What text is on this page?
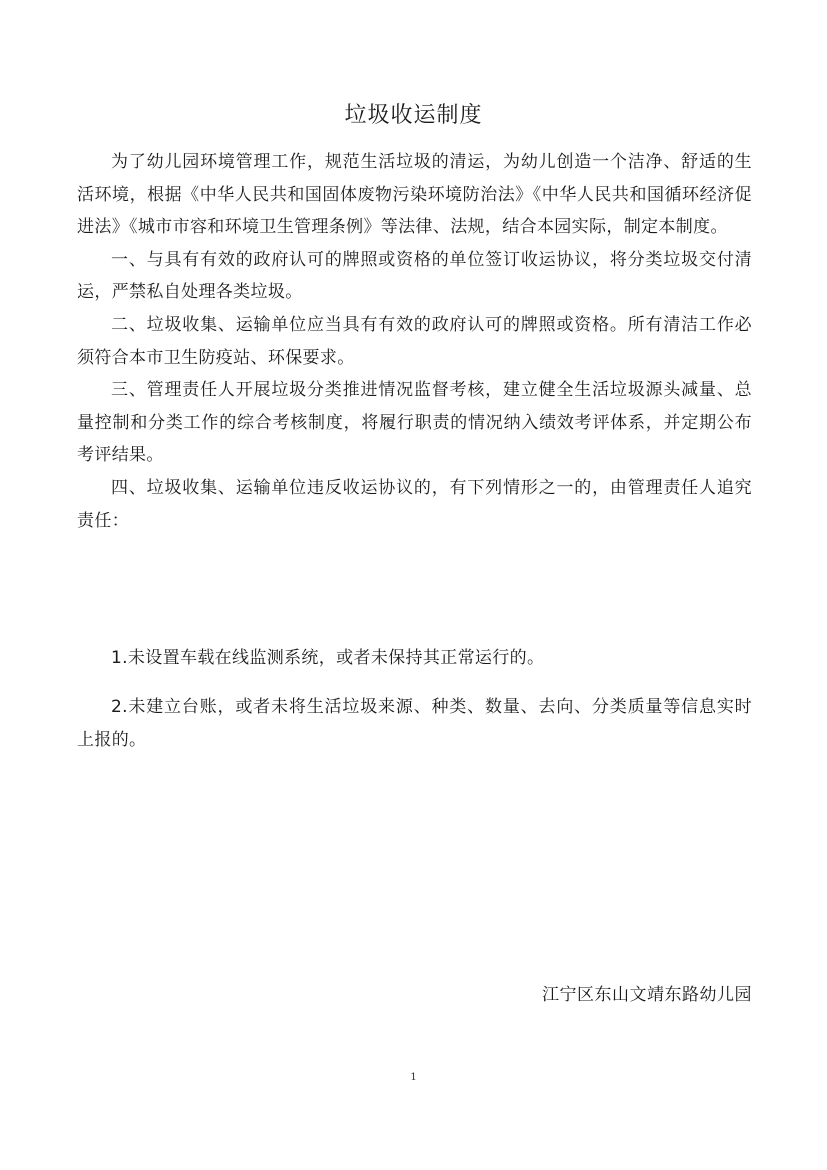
垃圾收运制度

为了幼儿园环境管理工作，规范生活垃圾的清运，为幼儿创造一个洁净、舒适的生活环境，根据《中华人民共和国固体废物污染环境防治法》《中华人民共和国循环经济促进法》《城市市容和环境卫生管理条例》等法律、法规，结合本园实际，制定本制度。

一、与具有有效的政府认可的牌照或资格的单位签订收运协议，将分类垃圾交付清运，严禁私自处理各类垃圾。

二、垃圾收集、运输单位应当具有有效的政府认可的牌照或资格。所有清洁工作必须符合本市卫生防疫站、环保要求。

三、管理责任人开展垃圾分类推进情况监督考核，建立健全生活垃圾源头减量、总量控制和分类工作的综合考核制度，将履行职责的情况纳入绩效考评体系，并定期公布考评结果。

四、垃圾收集、运输单位违反收运协议的，有下列情形之一的，由管理责任人追究责任：

1.未设置车载在线监测系统，或者未保持其正常运行的。

2.未建立台账，或者未将生活垃圾来源、种类、数量、去向、分类质量等信息实时上报的。

江宁区东山文靖东路幼儿园
1
